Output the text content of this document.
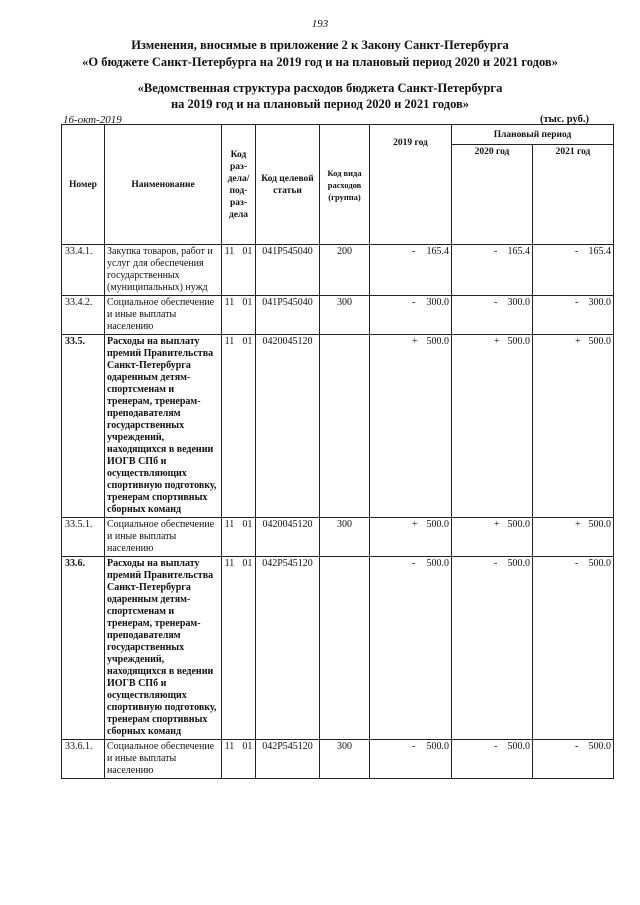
193
Изменения, вносимые в приложение 2 к Закону Санкт-Петербурга
«О бюджете Санкт-Петербурга на 2019 год и на плановый период 2020 и 2021 годов»
«Ведомственная структура расходов бюджета Санкт-Петербурга
на 2019 год и на плановый период 2020 и 2021 годов»
16-окт-2019	(тыс. руб.)
Номер	Наименование	Код раз-дела/ под-раз-дела	Код целевой статьи	Код вида расходов (группа)	2019 год	Плановый период	
						2020 год	2021 год
33.4.1.	Закупка товаров, работ и услуг для обеспечения государственных (муниципальных) нужд	11 01	041P545040	200	- 165.4	- 165.4	- 165.4
33.4.2.	Социальное обеспечение и иные выплаты населению	11 01	041P545040	300	- 300.0	- 300.0	- 300.0
33.5.	Расходы на выплату премий Правительства Санкт-Петербурга одаренным детям-спортсменам и тренерам, тренерам-преподавателям государственных учреждений, находящихся в ведении ИОГВ СПб и осуществляющих спортивную подготовку, тренерам спортивных сборных команд	11 01	0420045120		+ 500.0	+ 500.0	+ 500.0
33.5.1.	Социальное обеспечение и иные выплаты населению	11 01	0420045120	300	+ 500.0	+ 500.0	+ 500.0
33.6.	Расходы на выплату премий Правительства Санкт-Петербурга одаренным детям-спортсменам и тренерам, тренерам-преподавателям государственных учреждений, находящихся в ведении ИОГВ СПб и осуществляющих спортивную подготовку, тренерам спортивных сборных команд	11 01	042P545120		- 500.0	- 500.0	- 500.0
33.6.1.	Социальное обеспечение и иные выплаты населению	11 01	042P545120	300	- 500.0	- 500.0	- 500.0
